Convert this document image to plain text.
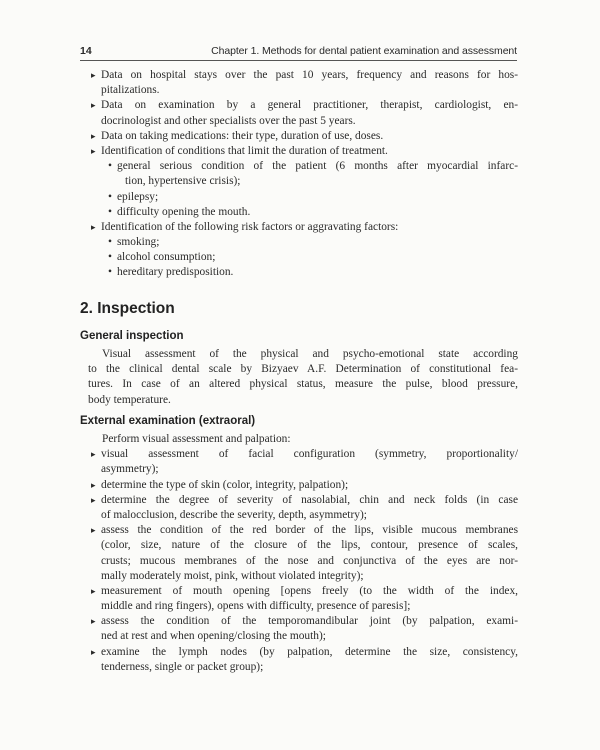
14	Chapter 1. Methods for dental patient examination and assessment
▸ Data on hospital stays over the past 10 years, frequency and reasons for hos-
pitalizations.
▸ Data on examination by a general practitioner, therapist, cardiologist, en-
docrinologist and other specialists over the past 5 years.
▸ Data on taking medications: their type, duration of use, doses.
▸ Identification of conditions that limit the duration of treatment.
• general serious condition of the patient (6 months after myocardial infarc-
tion, hypertensive crisis);
• epilepsy;
• difficulty opening the mouth.
▸ Identification of the following risk factors or aggravating factors:
• smoking;
• alcohol consumption;
• hereditary predisposition.
2. Inspection
General inspection
Visual assessment of the physical and psycho-emotional state according
to the clinical dental scale by Bizyaev A.F. Determination of constitutional fea-
tures. In case of an altered physical status, measure the pulse, blood pressure,
body temperature.
External examination (extraoral)
Perform visual assessment and palpation:
▸ visual assessment of facial configuration (symmetry, proportionality/
asymmetry);
▸ determine the type of skin (color, integrity, palpation);
▸ determine the degree of severity of nasolabial, chin and neck folds (in case
of malocclusion, describe the severity, depth, asymmetry);
▸ assess the condition of the red border of the lips, visible mucous membranes
(color, size, nature of the closure of the lips, contour, presence of scales,
crusts; mucous membranes of the nose and conjunctiva of the eyes are nor-
mally moderately moist, pink, without violated integrity);
▸ measurement of mouth opening [opens freely (to the width of the index,
middle and ring fingers), opens with difficulty, presence of paresis];
▸ assess the condition of the temporomandibular joint (by palpation, exami-
ned at rest and when opening/closing the mouth);
▸ examine the lymph nodes (by palpation, determine the size, consistency,
tenderness, single or packet group);
